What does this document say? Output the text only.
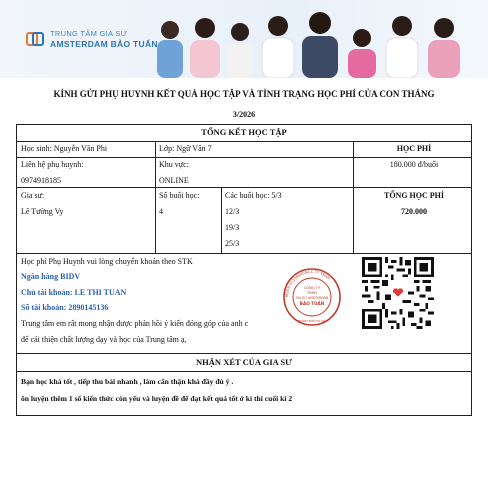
TRUNG TÂM GIA SƯ
AMSTERDAM BẢO TUẤN
KÍNH GỬI PHỤ HUYNH KẾT QUẢ HỌC TẬP VÀ TÌNH TRẠNG HỌC PHÍ CỦA CON THÁNG
3/2026
TỔNG KẾT HỌC TẬP
Học sinh: Nguyễn Văn Phi	Lớp: Ngữ Văn 7	HỌC PHÍ
Liên hệ phụ huynh:
0974918185
Khu vực:
ONLINE
180.000 đ/buổi
Gia sư:
Lê Tường Vy
Số buổi học:
4
Các buổi học: 5/3
12/3
19/3
25/3
TỔNG HỌC PHÍ
720.000
Học phí Phụ Huynh vui lòng chuyển khoản theo STK
Ngân hàng BIDV
Chủ tài khoản: LE THI TUAN
Số tài khoản: 2890145136
Trung tâm em rất mong nhận được phản hồi ý kiến đóng góp của anh c
để cải thiện chất lượng dạy và học của Trung tâm ạ,
MSDN:0110984594-C.TY TNHH
CÔNG TY
TNHH
GIA SƯ AMSTERDAM
BẢO TUẤN
THÀNH PHỐ HÀ NỘI
NHẬN XÉT CỦA GIA SƯ
Bạn học khá tốt , tiếp thu bài nhanh , làm cẩn thận khá đầy đủ ý .
ôn luyện thêm 1 số kiến thức còn yếu và luyện đề để đạt kết quả tốt ở kì thi cuối kì 2
